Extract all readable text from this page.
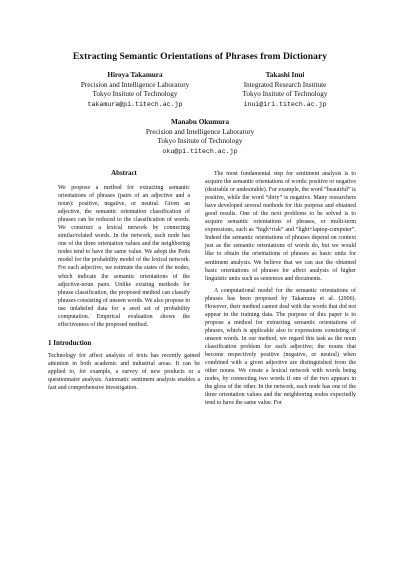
Extracting Semantic Orientations of Phrases from Dictionary
Hiroya Takamura
Precision and Intelligence Laboratory
Tokyo Insitute of Technology
takamura@pi.titech.ac.jp
Takashi Inui
Integrated Research Institute
Tokyo Insitute of Technology
inui@iri.titech.ac.jp
Manabu Okumura
Precision and Intelligence Laboratory
Tokyo Insitute of Technology
oku@pi.titech.ac.jp
Abstract

We propose a method for extracting semantic orientations of phrases (pairs of an adjective and a noun): positive, negative, or neutral. Given an adjective, the semantic orientation classification of phrases can be reduced to the classification of words. We construct a lexical network by connecting similar/related words. In the network, each node has one of the three orientation values and the neighboring nodes tend to have the same value. We adopt the Potts model for the probability model of the lexical network. For each adjective, we estimate the states of the nodes, which indicate the semantic orientations of the adjective-noun pairs. Unlike existing methods for phrase classification, the proposed method can classify phrases consisting of unseen words. We also propose to use unlabeled data for a seed set of probability computation. Empirical evaluation shows the effectiveness of the proposed method.

1 Introduction

Technology for affect analysis of texts has recently gained attention in both academic and industrial areas. It can be applied to, for example, a survey of new products or a questionnaire analysis. Automatic sentiment analysis enables a fast and comprehensive investigation.

The most fundamental step for sentiment analysis is to acquire the semantic orientations of words: positive or negative (desirable or undesirable). For example, the word “beautiful” is positive, while the word “dirty” is negative. Many researchers have developed several methods for this purpose and obtained good results. One of the next problems to be solved is to acquire semantic orientations of phrases, or multi-term expressions, such as “high+risk” and “light+laptop-computer”. Indeed the semantic orientations of phrases depend on context just as the semantic orientations of words do, but we would like to obtain the orientations of phrases as basic units for sentiment analysis. We believe that we can use the obtained basic orientations of phrases for affect analysis of higher linguistic units such as sentences and documents.

A computational model for the semantic orientations of phrases has been proposed by Takamura et al. (2006). However, their method cannot deal with the words that did not appear in the training data. The purpose of this paper is to propose a method for extracting semantic orientations of phrases, which is applicable also to expressions consisting of unseen words. In our method, we regard this task as the noun classification problem for each adjective; the nouns that become respectively positive (negative, or neutral) when combined with a given adjective are distinguished from the other nouns. We create a lexical network with words being nodes, by connecting two words if one of the two appears in the gloss of the other. In the network, each node has one of the three orientation values and the neighboring nodes expectedly tend to have the same value. For
